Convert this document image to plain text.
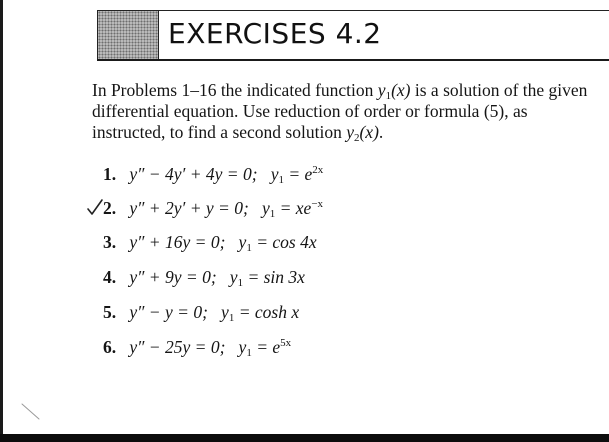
EXERCISES 4.2
In Problems 1–16 the indicated function $y_1(x)$ is a solution of the given differential equation. Use reduction of order or formula (5), as instructed, to find a second solution $y_2(x)$.
1. y″ − 4y′ + 4y = 0; $y_1 = e^{2x}$
2. y″ + 2y′ + y = 0; $y_1 = xe^{-x}$
3. y″ + 16y = 0; $y_1 = \cos 4x$
4. y″ + 9y = 0; $y_1 = \sin 3x$
5. y″ − y = 0; $y_1 = \cosh x$
6. y″ − 25y = 0; $y_1 = e^{5x}$
